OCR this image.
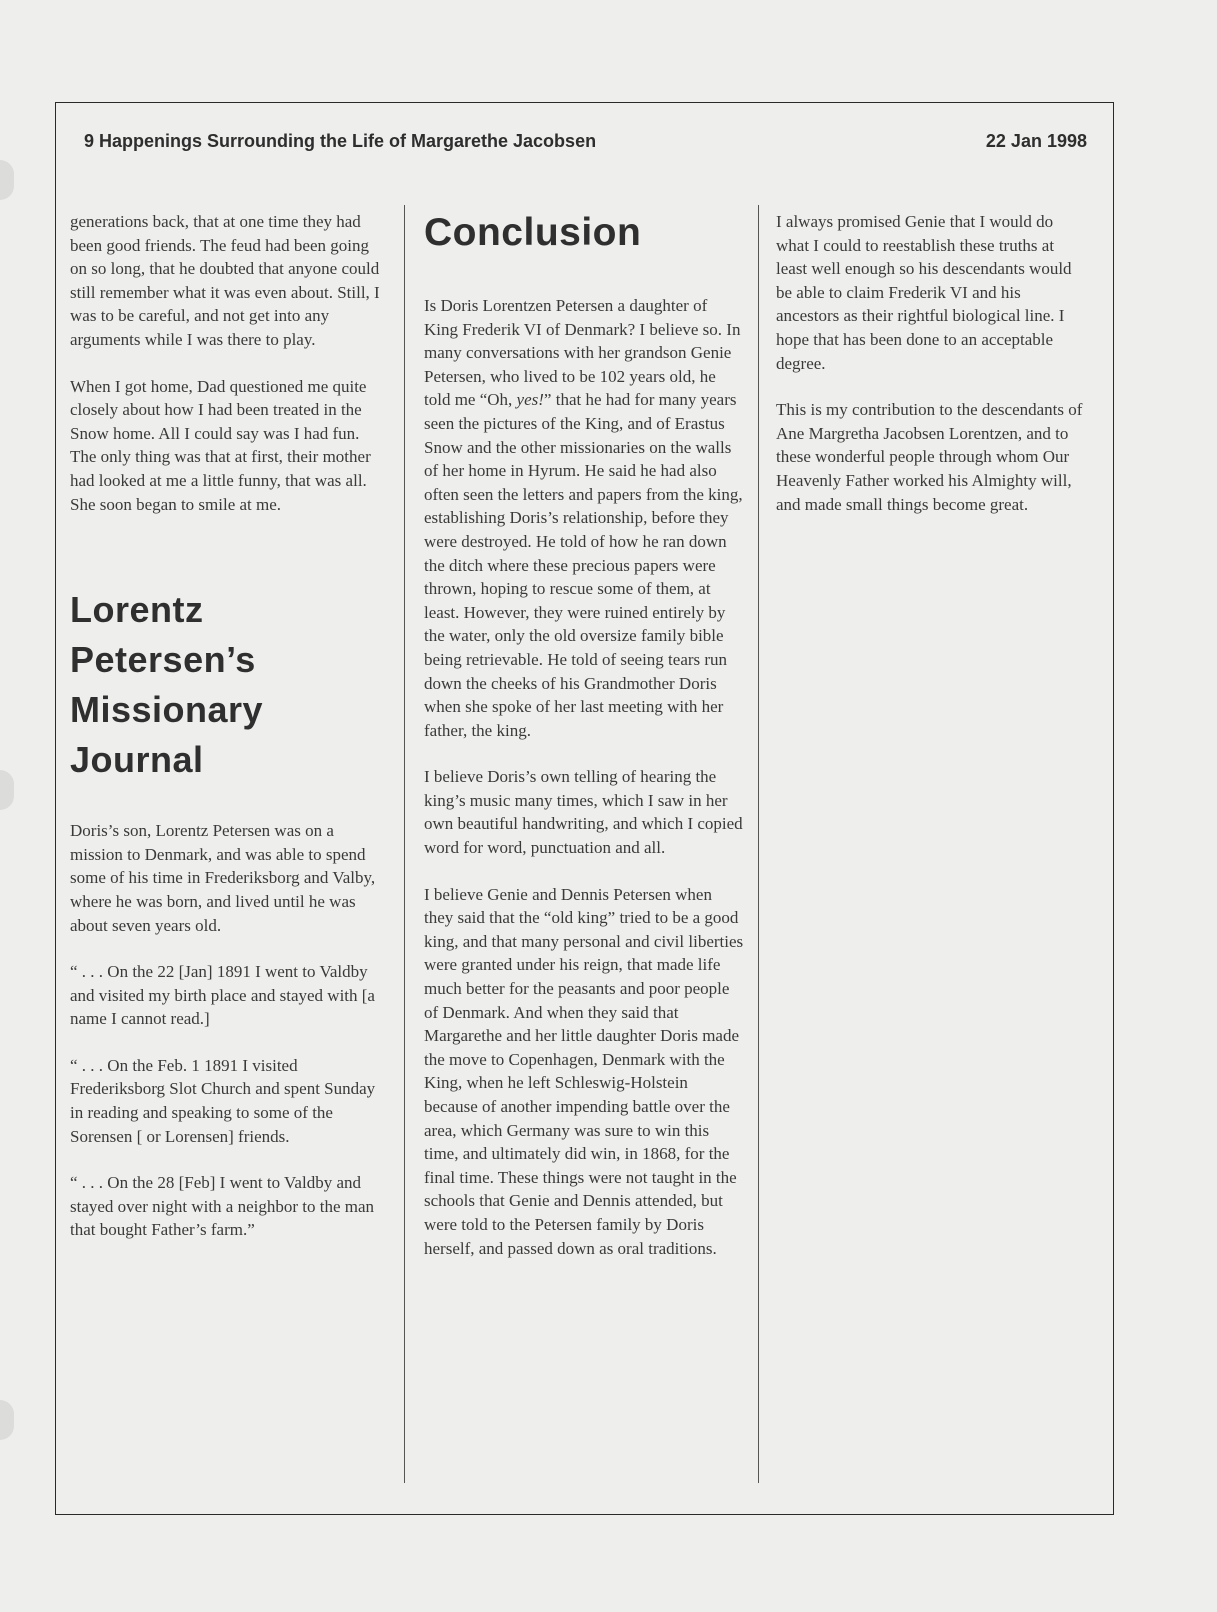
9 Happenings Surrounding the Life of Margarethe Jacobsen	22 Jan 1998

generations back, that at one time they had been good friends. The feud had been going on so long, that he doubted that anyone could still remember what it was even about. Still, I was to be careful, and not get into any arguments while I was there to play.

When I got home, Dad questioned me quite closely about how I had been treated in the Snow home. All I could say was I had fun. The only thing was that at first, their mother had looked at me a little funny, that was all. She soon began to smile at me.

Lorentz Petersen’s Missionary Journal

Doris’s son, Lorentz Petersen was on a mission to Denmark, and was able to spend some of his time in Frederiksborg and Valby, where he was born, and lived until he was about seven years old.

“ . . . On the 22 [Jan] 1891 I went to Valdby and visited my birth place and stayed with [a name I cannot read.]

“ . . . On the Feb. 1 1891 I visited Frederiksborg Slot Church and spent Sunday in reading and speaking to some of the Sorensen [ or Lorensen] friends.

“ . . . On the 28 [Feb] I went to Valdby and stayed over night with a neighbor to the man that bought Father’s farm.”

Conclusion

Is Doris Lorentzen Petersen a daughter of King Frederik VI of Denmark? I believe so. In many conversations with her grandson Genie Petersen, who lived to be 102 years old, he told me “Oh, yes!” that he had for many years seen the pictures of the King, and of Erastus Snow and the other missionaries on the walls of her home in Hyrum. He said he had also often seen the letters and papers from the king, establishing Doris’s relationship, before they were destroyed. He told of how he ran down the ditch where these precious papers were thrown, hoping to rescue some of them, at least. However, they were ruined entirely by the water, only the old oversize family bible being retrievable. He told of seeing tears run down the cheeks of his Grandmother Doris when she spoke of her last meeting with her father, the king.

I believe Doris’s own telling of hearing the king’s music many times, which I saw in her own beautiful handwriting, and which I copied word for word, punctuation and all.

I believe Genie and Dennis Petersen when they said that the “old king” tried to be a good king, and that many personal and civil liberties were granted under his reign, that made life much better for the peasants and poor people of Denmark. And when they said that Margarethe and her little daughter Doris made the move to Copenhagen, Denmark with the King, when he left Schleswig-Holstein because of another impending battle over the area, which Germany was sure to win this time, and ultimately did win, in 1868, for the final time. These things were not taught in the schools that Genie and Dennis attended, but were told to the Petersen family by Doris herself, and passed down as oral traditions.

I always promised Genie that I would do what I could to reestablish these truths at least well enough so his descendants would be able to claim Frederik VI and his ancestors as their rightful biological line. I hope that has been done to an acceptable degree.

This is my contribution to the descendants of Ane Margretha Jacobsen Lorentzen, and to these wonderful people through whom Our Heavenly Father worked his Almighty will, and made small things become great.
